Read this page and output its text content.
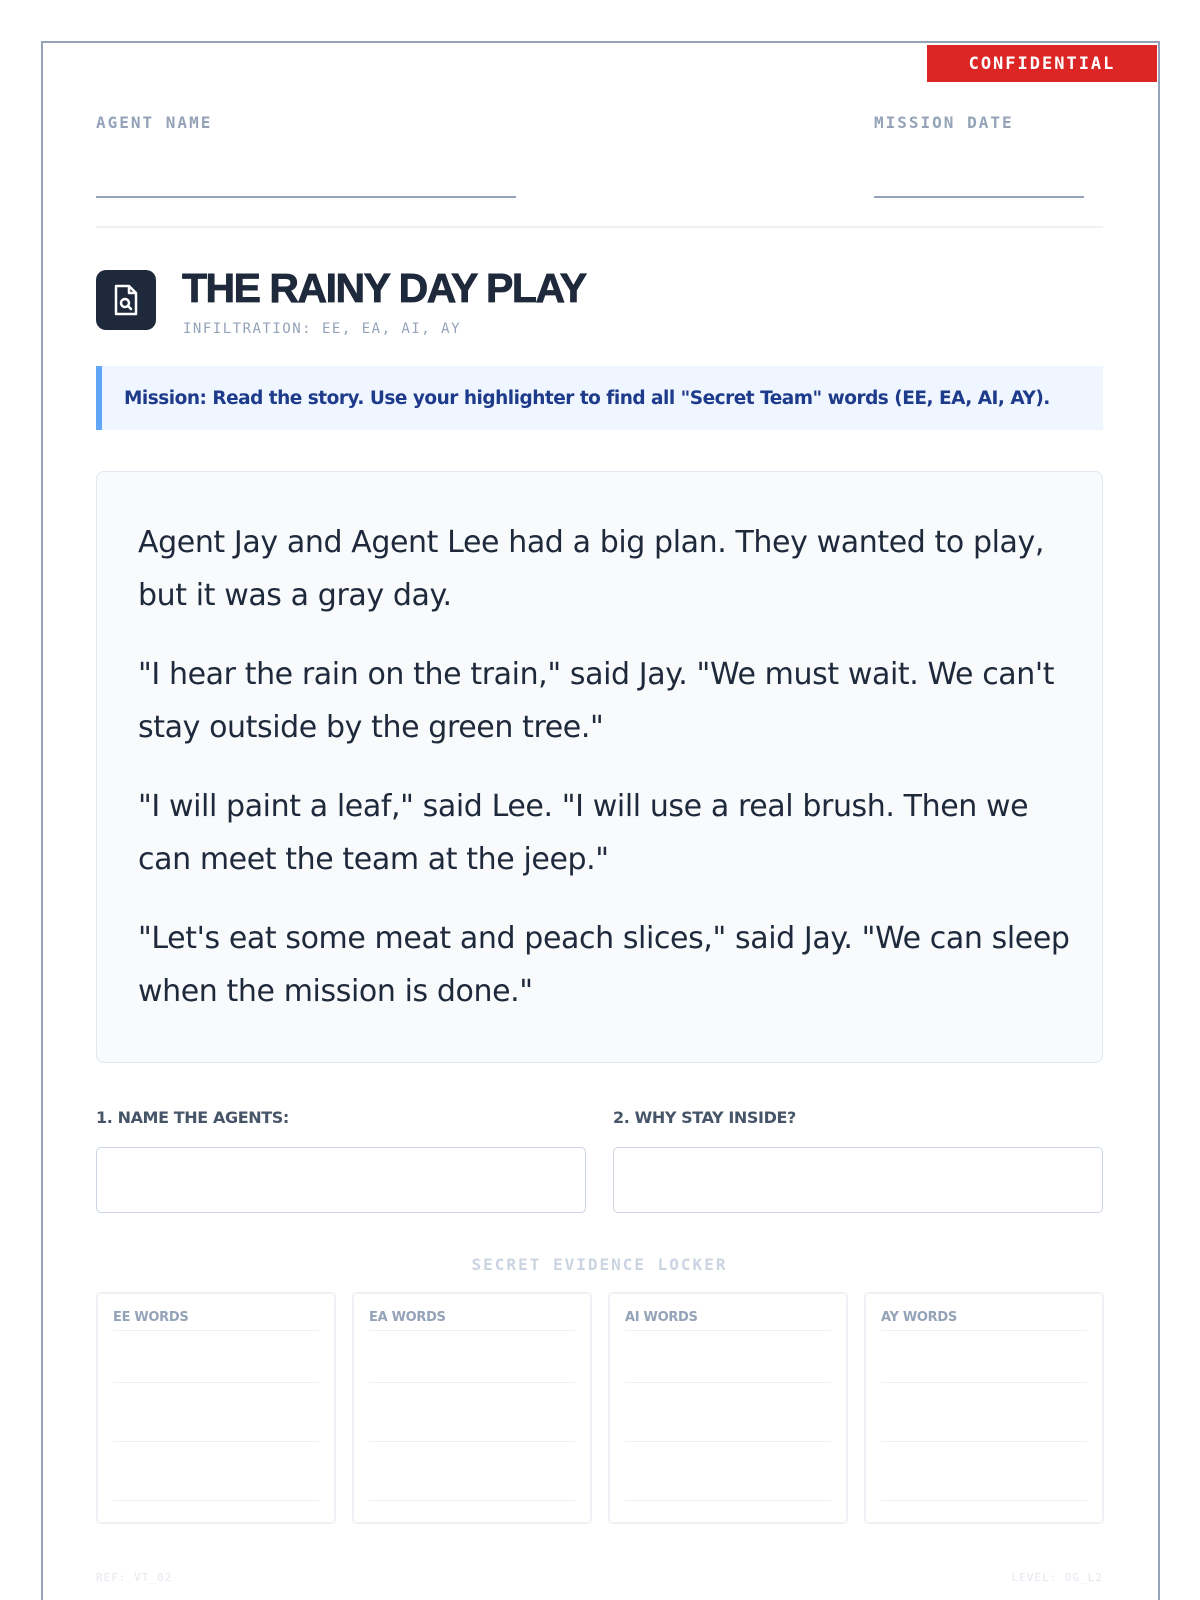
CONFIDENTIAL
AGENT NAME	MISSION DATE
THE RAINY DAY PLAY
INFILTRATION: EE, EA, AI, AY
Mission: Read the story. Use your highlighter to find all "Secret Team" words (EE, EA, AI, AY).

Agent Jay and Agent Lee had a big plan. They wanted to play, but it was a gray day.

"I hear the rain on the train," said Jay. "We must wait. We can't stay outside by the green tree."

"I will paint a leaf," said Lee. "I will use a real brush. Then we can meet the team at the jeep."

"Let's eat some meat and peach slices," said Jay. "We can sleep when the mission is done."

1. NAME THE AGENTS:	2. WHY STAY INSIDE?
SECRET EVIDENCE LOCKER
EE WORDS	EA WORDS	AI WORDS	AY WORDS
REF: VT_02	LEVEL: OG_L2
